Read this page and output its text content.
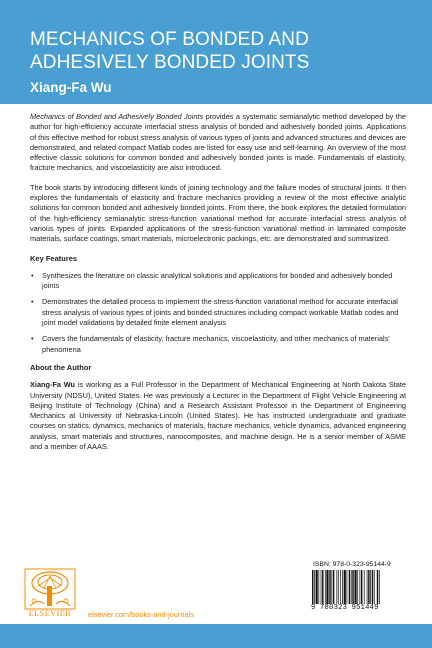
MECHANICS OF BONDED AND
ADHESIVELY BONDED JOINTS
Xiang-Fa Wu

Mechanics of Bonded and Adhesively Bonded Joints provides a systematic semianalytic method developed by the author for high-efficiency accurate interfacial stress analysis of bonded and adhesively bonded joints. Applications of this effective method for robust stress analysis of various types of joints and advanced structures and devices are demonstrated, and related compact Matlab codes are listed for easy use and self-learning. An overview of the most effective classic solutions for common bonded and adhesively bonded joints is made. Fundamentals of elasticity, fracture mechanics, and viscoelasticity are also introduced.

The book starts by introducing different kinds of joining technology and the failure modes of structural joints. It then explores the fundamentals of elasticity and fracture mechanics providing a review of the most effective analytic solutions for common bonded and adhesively bonded joints. From there, the book explores the detailed formulation of the high-efficiency semianalytic stress-function variational method for accurate interfacial stress analysis of various types of joints. Expanded applications of the stress-function variational method in laminated composite materials, surface coatings, smart materials, microelectronic packings, etc. are demonstrated and summarized.

Key Features
• Synthesizes the literature on classic analytical solutions and applications for bonded and adhesively bonded joints
• Demonstrates the detailed process to implement the stress-function variational method for accurate interfacial stress analysis of various types of joints and bonded structures including compact workable Matlab codes and joint model validations by detailed finite element analysis
• Covers the fundamentals of elasticity, fracture mechanics, viscoelasticity, and other mechanics of materials' phenomena
About the Author

Xiang-Fa Wu is working as a Full Professor in the Department of Mechanical Engineering at North Dakota State University (NDSU), United States. He was previously a Lecturer in the Department of Flight Vehicle Engineering at Beijing Institute of Technology (China) and a Research Assistant Professor in the Department of Engineering Mechanics at University of Nebraska-Lincoln (United States). He has instructed undergraduate and graduate courses on statics, dynamics, mechanics of materials, fracture mechanics, vehicle dynamics, advanced engineering analysis, smart materials and structures, nanocomposites, and machine design. He is a senior member of ASME and a member of AAAS.

ELSEVIER	elsevier.com/books-and-journals
ISBN: 978-0-323-95144-9
9 780323 951449
